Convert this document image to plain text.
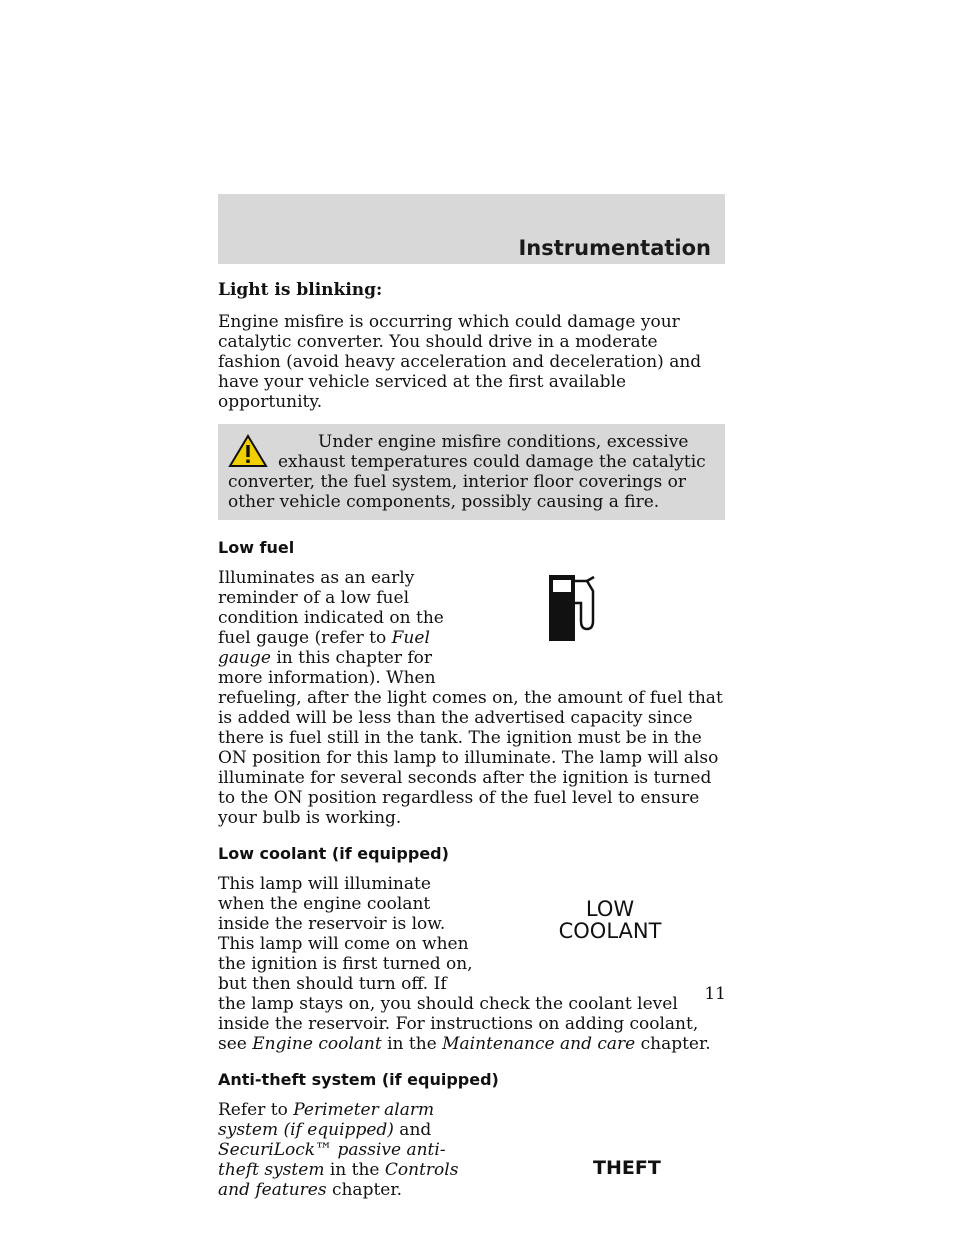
Instrumentation
Light is blinking:

Engine misfire is occurring which could damage your catalytic converter. You should drive in a moderate fashion (avoid heavy acceleration and deceleration) and have your vehicle serviced at the first available opportunity.

Under engine misfire conditions, excessive exhaust temperatures could damage the catalytic converter, the fuel system, interior floor coverings or other vehicle components, possibly causing a fire.
Low fuel

Illuminates as an early reminder of a low fuel condition indicated on the fuel gauge (refer to Fuel gauge in this chapter for more information). When refueling, after the light comes on, the amount of fuel that is added will be less than the advertised capacity since there is fuel still in the tank. The ignition must be in the ON position for this lamp to illuminate. The lamp will also illuminate for several seconds after the ignition is turned to the ON position regardless of the fuel level to ensure your bulb is working.

Low coolant (if equipped)
LOW
COOLANT

This lamp will illuminate when the engine coolant inside the reservoir is low. This lamp will come on when the ignition is first turned on, but then should turn off. If the lamp stays on, you should check the coolant level inside the reservoir. For instructions on adding coolant, see Engine coolant in the Maintenance and care chapter.

Anti-theft system (if equipped)
THEFT

Refer to Perimeter alarm system (if equipped) and SecuriLock™ passive anti-theft system in the Controls and features chapter.

11
